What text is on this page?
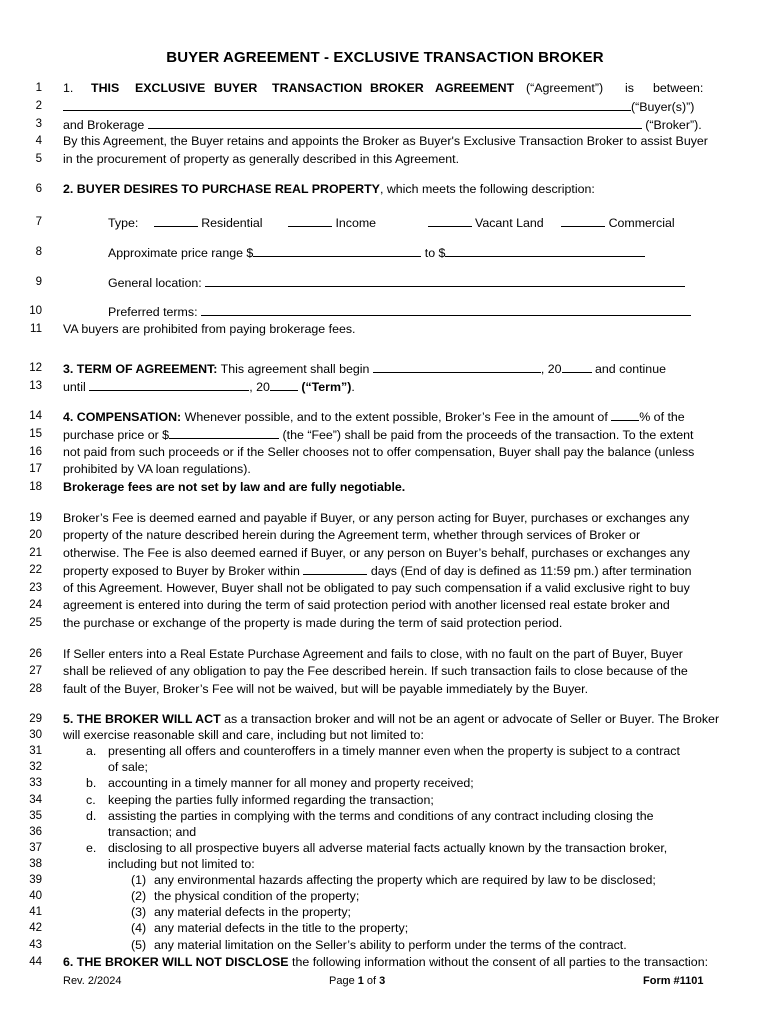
BUYER AGREEMENT - EXCLUSIVE TRANSACTION BROKER
1
2
3
4
5
6
7
8
9
10
11
12
13
14
15
16
17
18
19
20
21
22
23
24
25
26
27
28
29
30
31
32
33
34
35
36
37
38
39
40
41
42
43
44
1. THIS EXCLUSIVE BUYER TRANSACTION BROKER AGREEMENT (“Agreement”) is between:
(“Buyer(s)”)
and Brokerage	(“Broker”).
By this Agreement, the Buyer retains and appoints the Broker as Buyer's Exclusive Transaction Broker to assist Buyer
in the procurement of property as generally described in this Agreement.
2. BUYER DESIRES TO PURCHASE REAL PROPERTY, which meets the following description:
Type:	Residential	Income	Vacant Land	Commercial
Approximate price range $	to $
General location:
Preferred terms:
VA buyers are prohibited from paying brokerage fees.
3. TERM OF AGREEMENT: This agreement shall begin	, 20	and continue
until	, 20	(“Term”).
4. COMPENSATION: Whenever possible, and to the extent possible, Broker’s Fee in the amount of	% of the
purchase price or $	(the “Fee”) shall be paid from the proceeds of the transaction. To the extent
not paid from such proceeds or if the Seller chooses not to offer compensation, Buyer shall pay the balance (unless
prohibited by VA loan regulations).
Brokerage fees are not set by law and are fully negotiable.
Broker’s Fee is deemed earned and payable if Buyer, or any person acting for Buyer, purchases or exchanges any
property of the nature described herein during the Agreement term, whether through services of Broker or
otherwise. The Fee is also deemed earned if Buyer, or any person on Buyer’s behalf, purchases or exchanges any
property exposed to Buyer by Broker within	days (End of day is defined as 11:59 pm.) after termination
of this Agreement. However, Buyer shall not be obligated to pay such compensation if a valid exclusive right to buy
agreement is entered into during the term of said protection period with another licensed real estate broker and
the purchase or exchange of the property is made during the term of said protection period.
If Seller enters into a Real Estate Purchase Agreement and fails to close, with no fault on the part of Buyer, Buyer
shall be relieved of any obligation to pay the Fee described herein. If such transaction fails to close because of the
fault of the Buyer, Broker’s Fee will not be waived, but will be payable immediately by the Buyer.
5. THE BROKER WILL ACT as a transaction broker and will not be an agent or advocate of Seller or Buyer. The Broker
will exercise reasonable skill and care, including but not limited to:
a. presenting all offers and counteroffers in a timely manner even when the property is subject to a contract
of sale;
b. accounting in a timely manner for all money and property received;
c. keeping the parties fully informed regarding the transaction;
d. assisting the parties in complying with the terms and conditions of any contract including closing the
transaction; and
e. disclosing to all prospective buyers all adverse material facts actually known by the transaction broker,
including but not limited to:
(1) any environmental hazards affecting the property which are required by law to be disclosed;
(2) the physical condition of the property;
(3) any material defects in the property;
(4) any material defects in the title to the property;
(5) any material limitation on the Seller’s ability to perform under the terms of the contract.
6. THE BROKER WILL NOT DISCLOSE the following information without the consent of all parties to the transaction:
Rev. 2/2024	Page 1 of 3	Form #1101
